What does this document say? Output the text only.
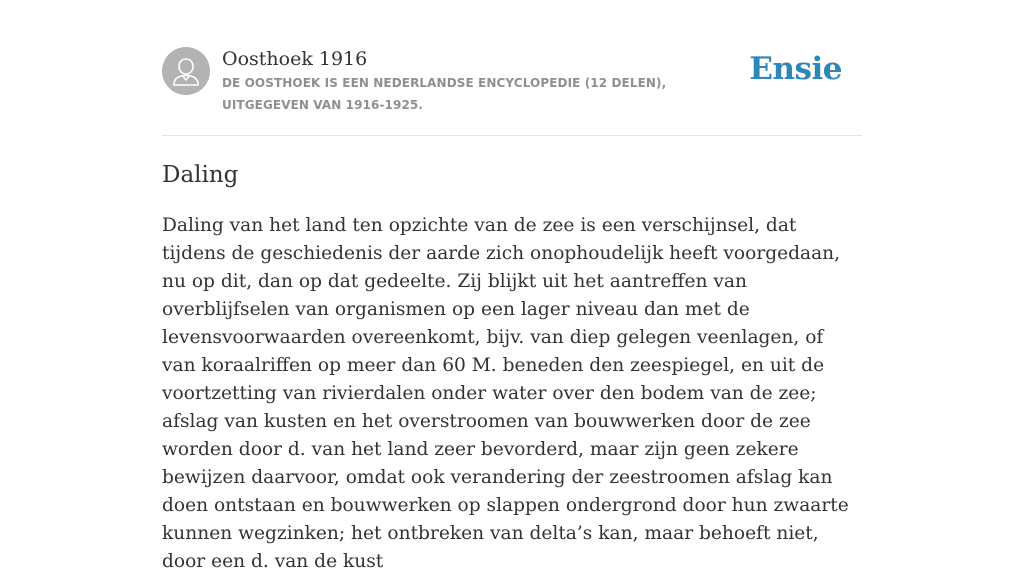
Oosthoek 1916
DE OOSTHOEK IS EEN NEDERLANDSE ENCYCLOPEDIE (12 DELEN), UITGEGEVEN VAN 1916-1925.
Ensie
Daling

Daling van het land ten opzichte van de zee is een verschijnsel, dat tijdens de geschiedenis der aarde zich onophoudelijk heeft voorgedaan, nu op dit, dan op dat gedeelte. Zij blijkt uit het aantreffen van overblijfselen van organismen op een lager niveau dan met de levensvoorwaarden overeenkomt, bijv. van diep gelegen veenlagen, of van koraalriffen op meer dan 60 M. beneden den zeespiegel, en uit de voortzetting van rivierdalen onder water over den bodem van de zee; afslag van kusten en het overstroomen van bouwwerken door de zee worden door d. van het land zeer bevorderd, maar zijn geen zekere bewijzen daarvoor, omdat ook verandering der zeestroomen afslag kan doen ontstaan en bouwwerken op slappen ondergrond door hun zwaarte kunnen wegzinken; het ontbreken van delta’s kan, maar behoeft niet, door een d. van de kust
